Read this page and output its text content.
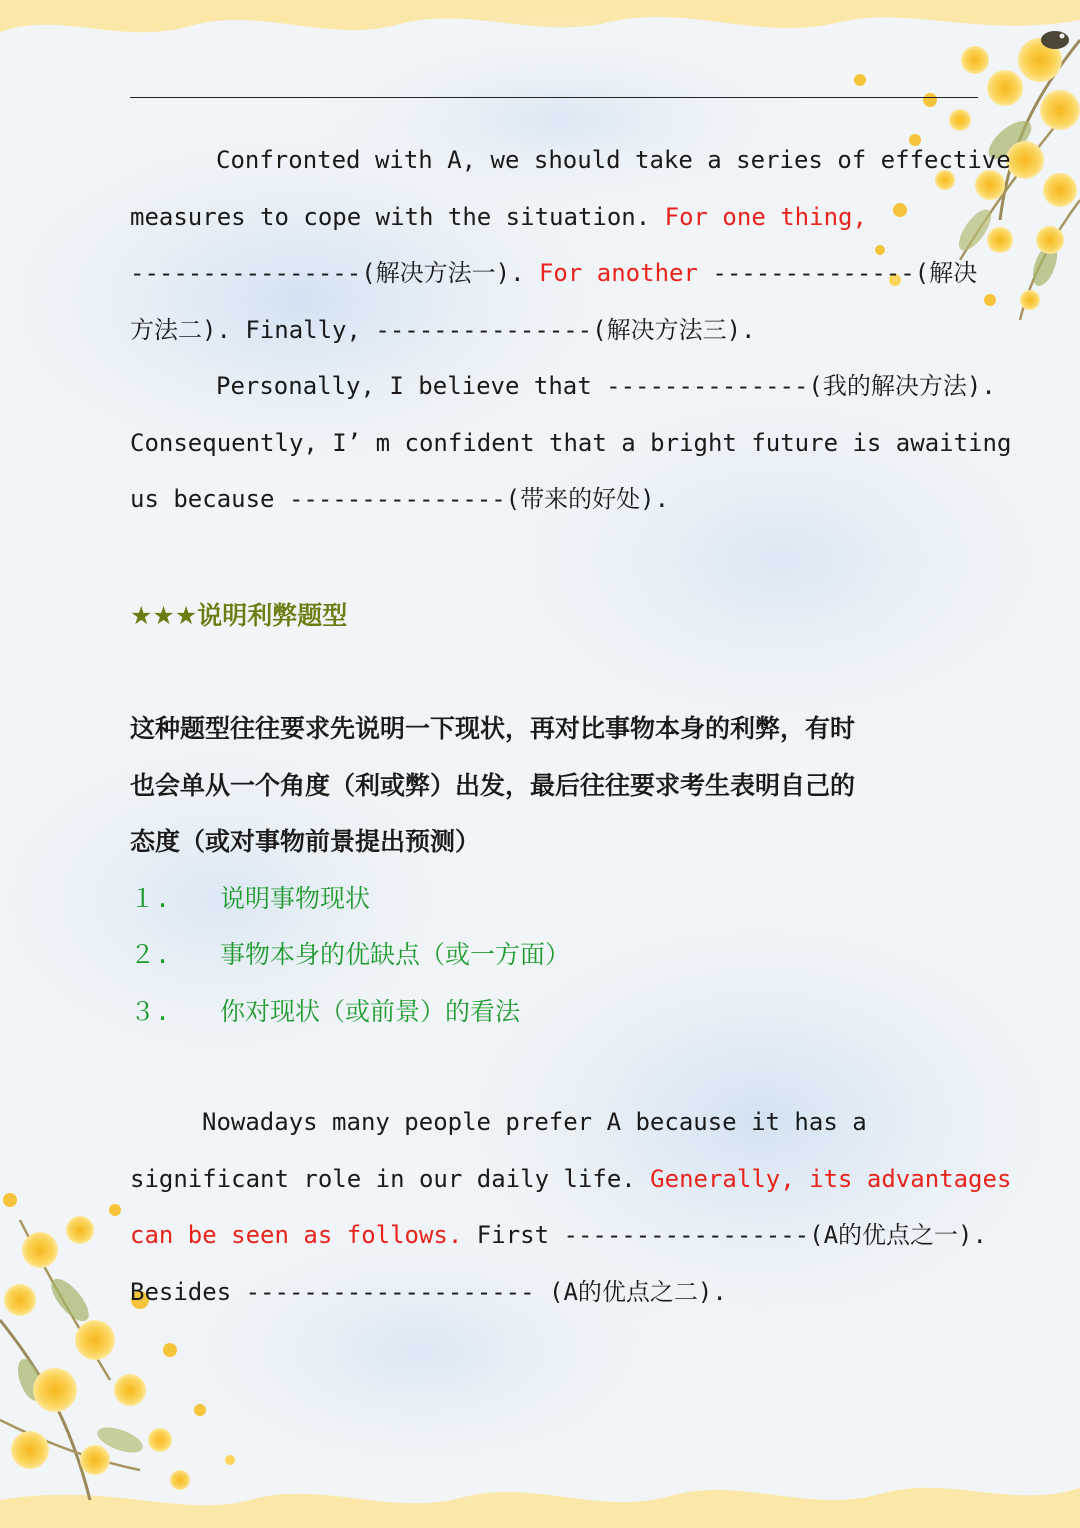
Confronted with A, we should take a series of effective
measures to cope with the situation. For one thing,
----------------(解决方法一). For another --------------(解决
方法二). Finally, ---------------(解决方法三).
Personally, I believe that --------------(我的解决方法).
Consequently, I’ m confident that a bright future is awaiting
us because ---------------(带来的好处).
★★★说明利弊题型
这种题型往往要求先说明一下现状，再对比事物本身的利弊，有时
也会单从一个角度（利或弊）出发，最后往往要求考生表明自己的
态度（或对事物前景提出预测）
１. 说明事物现状
２. 事物本身的优缺点（或一方面）
３. 你对现状（或前景）的看法
Nowadays many people prefer A because it has a
significant role in our daily life. Generally, its advantages
can be seen as follows. First -----------------(A的优点之一).
Besides -------------------- (A的优点之二).
